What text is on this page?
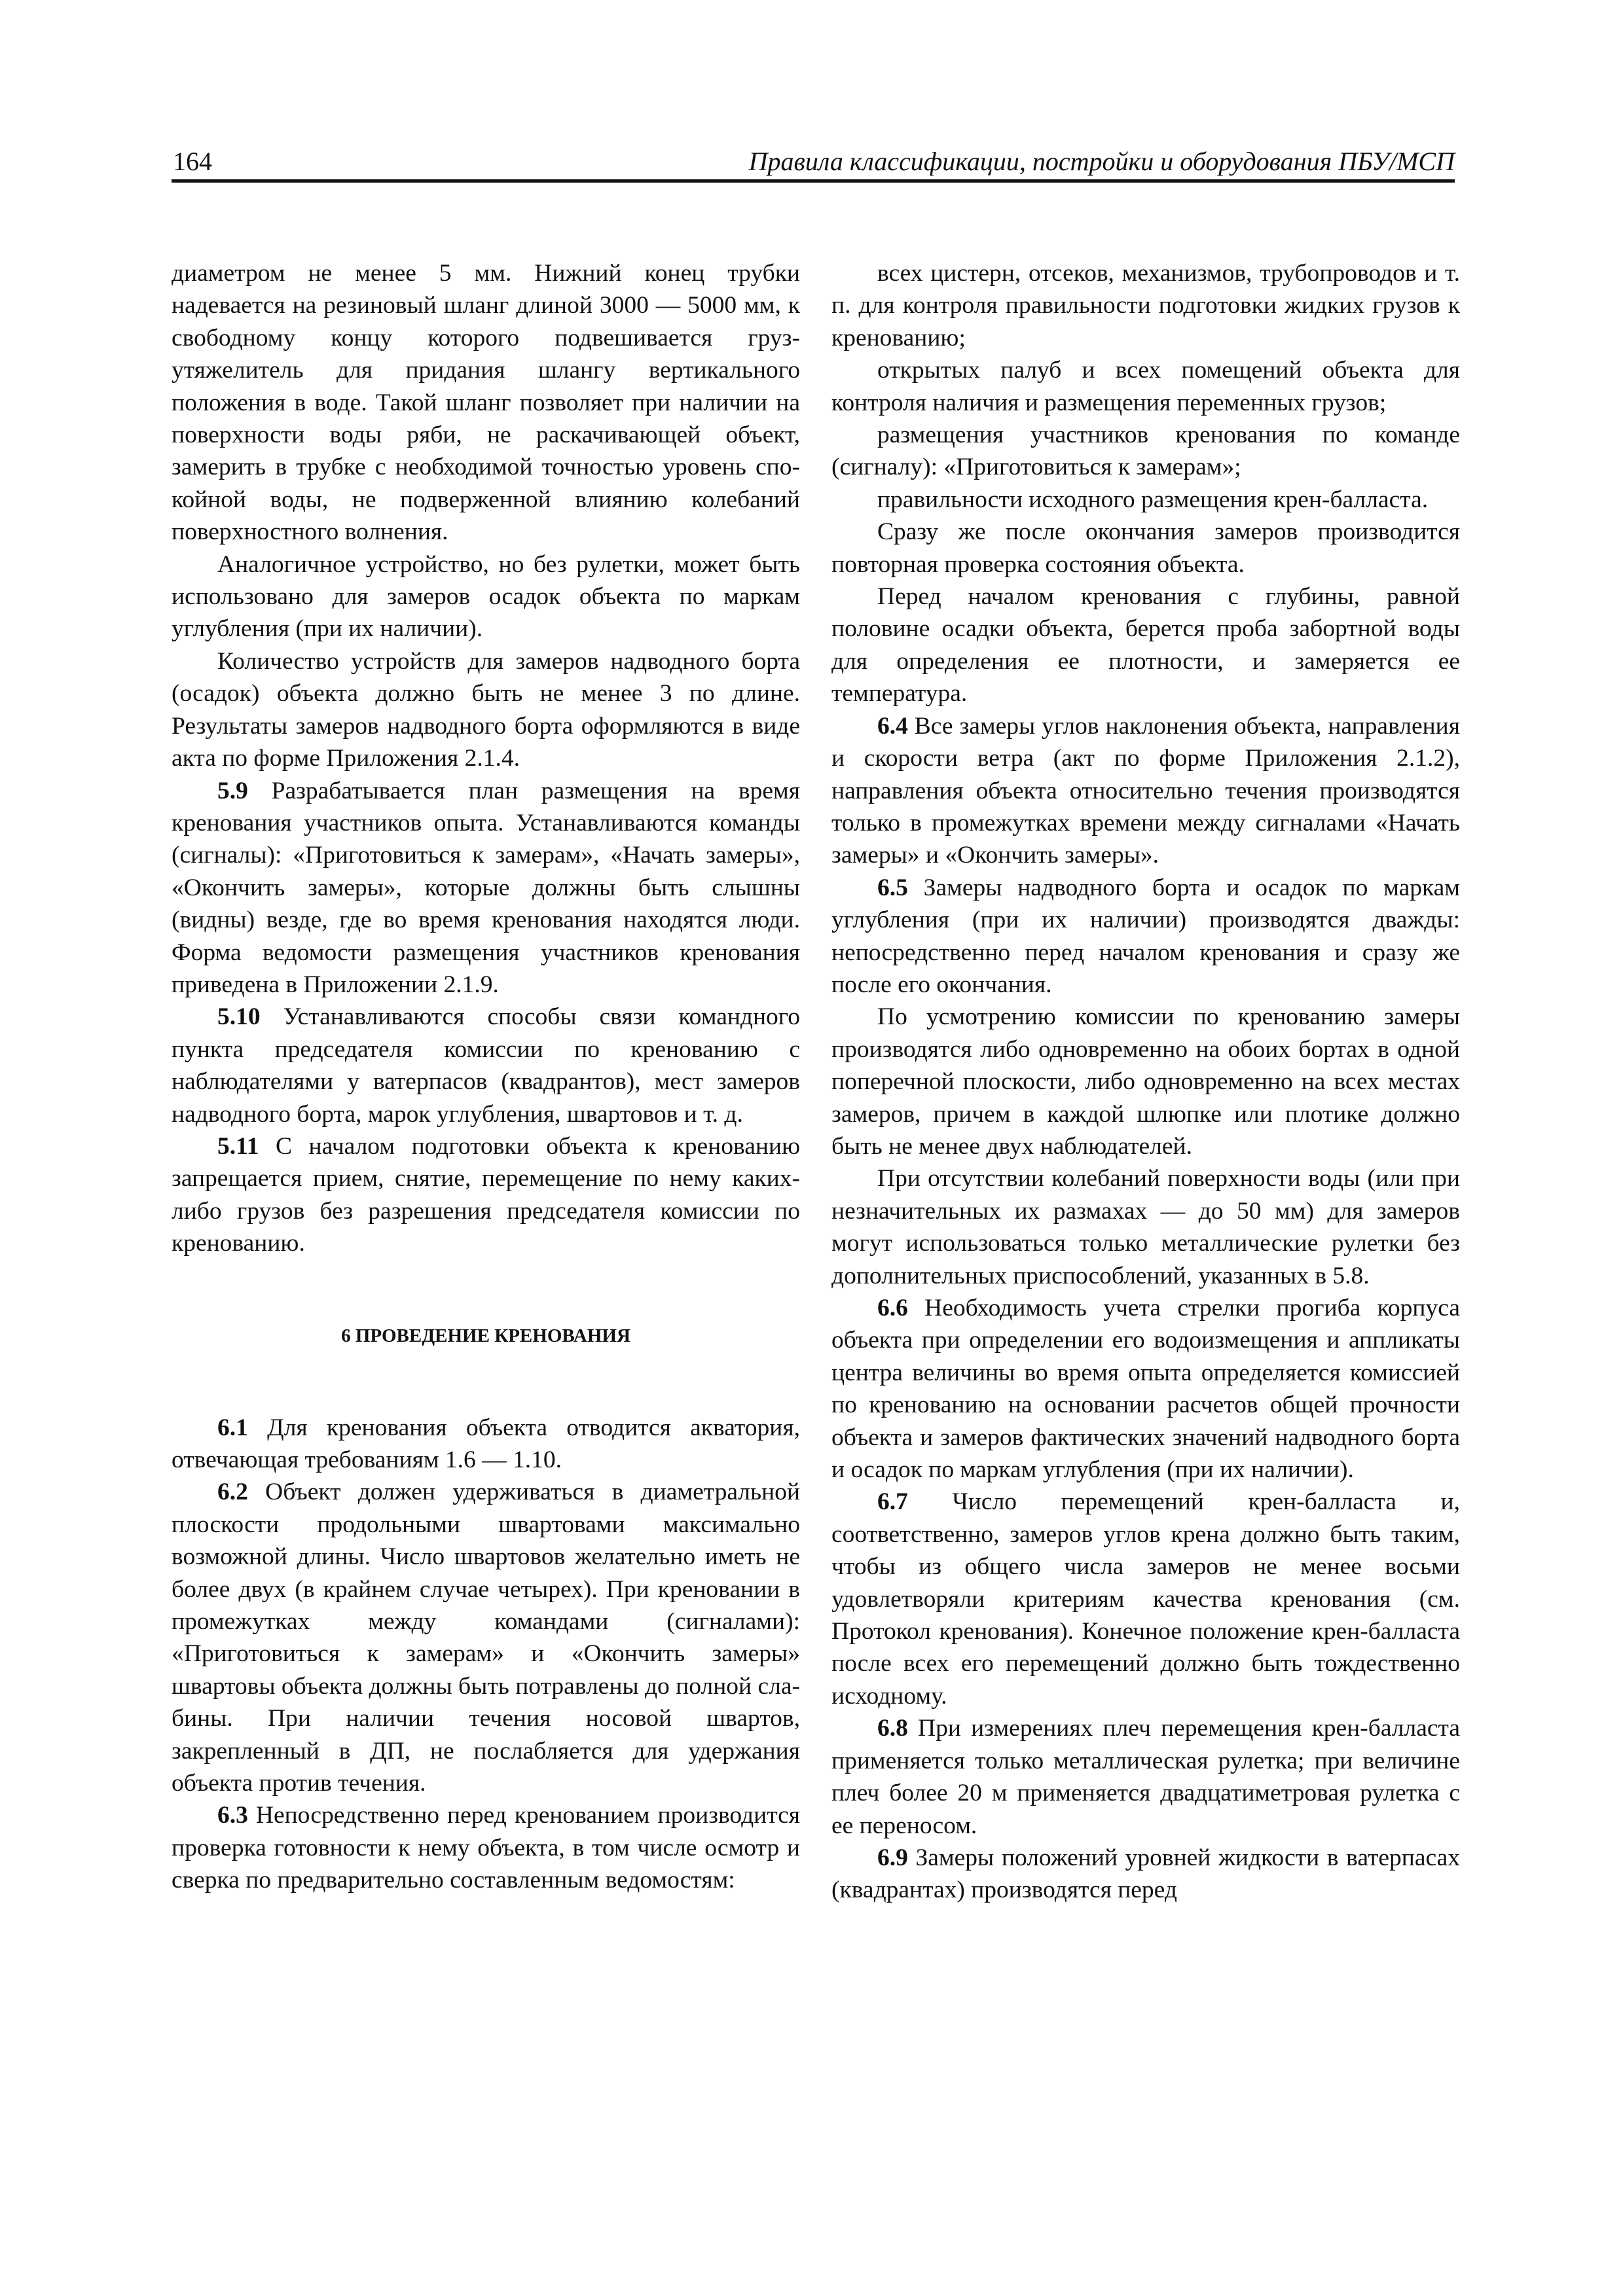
164	Правила классификации, постройки и оборудования ПБУ/МСП

диаметром не менее 5 мм. Нижний конец трубки надевается на резиновый шланг длиной 3000 — 5000 мм, к свободному концу которого подвешивается груз-утяжелитель для придания шлангу вертикального положения в воде. Такой шланг позволяет при наличии на поверхности воды ряби, не раскачивающей объект, замерить в трубке с необходимой точностью уровень спокойной воды, не подверженной влиянию колебаний поверхностного волнения.

Аналогичное устройство, но без рулетки, может быть использовано для замеров осадок объекта по маркам углубления (при их наличии).

Количество устройств для замеров надводного борта (осадок) объекта должно быть не менее 3 по длине. Результаты замеров надводного борта оформляются в виде акта по форме Приложения 2.1.4.

5.9 Разрабатывается план размещения на время кренования участников опыта. Устанавливаются команды (сигналы): «Приготовиться к замерам», «Начать замеры», «Окончить замеры», которые должны быть слышны (видны) везде, где во время кренования находятся люди. Форма ведомости размещения участников кренования приведена в Приложении 2.1.9.

5.10 Устанавливаются способы связи командного пункта председателя комиссии по кренованию с наблюдателями у ватерпасов (квадрантов), мест замеров надводного борта, марок углубления, швартовов и т. д.

5.11 С началом подготовки объекта к кренованию запрещается прием, снятие, перемещение по нему каких-либо грузов без разрешения председателя комиссии по кренованию.

6 ПРОВЕДЕНИЕ КРЕНОВАНИЯ

6.1 Для кренования объекта отводится акватория, отвечающая требованиям 1.6 — 1.10.

6.2 Объект должен удерживаться в диаметральной плоскости продольными швартовами максимально возможной длины. Число швартовов желательно иметь не более двух (в крайнем случае четырех). При креновании в промежутках между командами (сигналами): «Приготовиться к замерам» и «Окончить замеры» швартовы объекта должны быть потравлены до полной слабины. При наличии течения носовой швартов, закрепленный в ДП, не послабляется для удержания объекта против течения.

6.3 Непосредственно перед кренованием производится проверка готовности к нему объекта, в том числе осмотр и сверка по предварительно составленным ведомостям:

всех цистерн, отсеков, механизмов, трубопроводов и т. п. для контроля правильности подготовки жидких грузов к кренованию;

открытых палуб и всех помещений объекта для контроля наличия и размещения переменных грузов;

размещения участников кренования по команде (сигналу): «Приготовиться к замерам»;

правильности исходного размещения крен-балласта.

Сразу же после окончания замеров производится повторная проверка состояния объекта.

Перед началом кренования с глубины, равной половине осадки объекта, берется проба забортной воды для определения ее плотности, и замеряется ее температура.

6.4 Все замеры углов наклонения объекта, направления и скорости ветра (акт по форме Приложения 2.1.2), направления объекта относительно течения производятся только в промежутках времени между сигналами «Начать замеры» и «Окончить замеры».

6.5 Замеры надводного борта и осадок по маркам углубления (при их наличии) производятся дважды: непосредственно перед началом кренования и сразу же после его окончания.

По усмотрению комиссии по кренованию замеры производятся либо одновременно на обоих бортах в одной поперечной плоскости, либо одновременно на всех местах замеров, причем в каждой шлюпке или плотике должно быть не менее двух наблюдателей.

При отсутствии колебаний поверхности воды (или при незначительных их размахах — до 50 мм) для замеров могут использоваться только металлические рулетки без дополнительных приспособлений, указанных в 5.8.

6.6 Необходимость учета стрелки прогиба корпуса объекта при определении его водоизмещения и аппликаты центра величины во время опыта определяется комиссией по кренованию на основании расчетов общей прочности объекта и замеров фактических значений надводного борта и осадок по маркам углубления (при их наличии).

6.7 Число перемещений крен-балласта и, соответственно, замеров углов крена должно быть таким, чтобы из общего числа замеров не менее восьми удовлетворяли критериям качества кренования (см. Протокол кренования). Конечное положение крен-балласта после всех его перемещений должно быть тождественно исходному.

6.8 При измерениях плеч перемещения крен-балласта применяется только металлическая рулетка; при величине плеч более 20 м применяется двадцатиметровая рулетка с ее переносом.

6.9 Замеры положений уровней жидкости в ватерпасах (квадрантах) производятся перед
